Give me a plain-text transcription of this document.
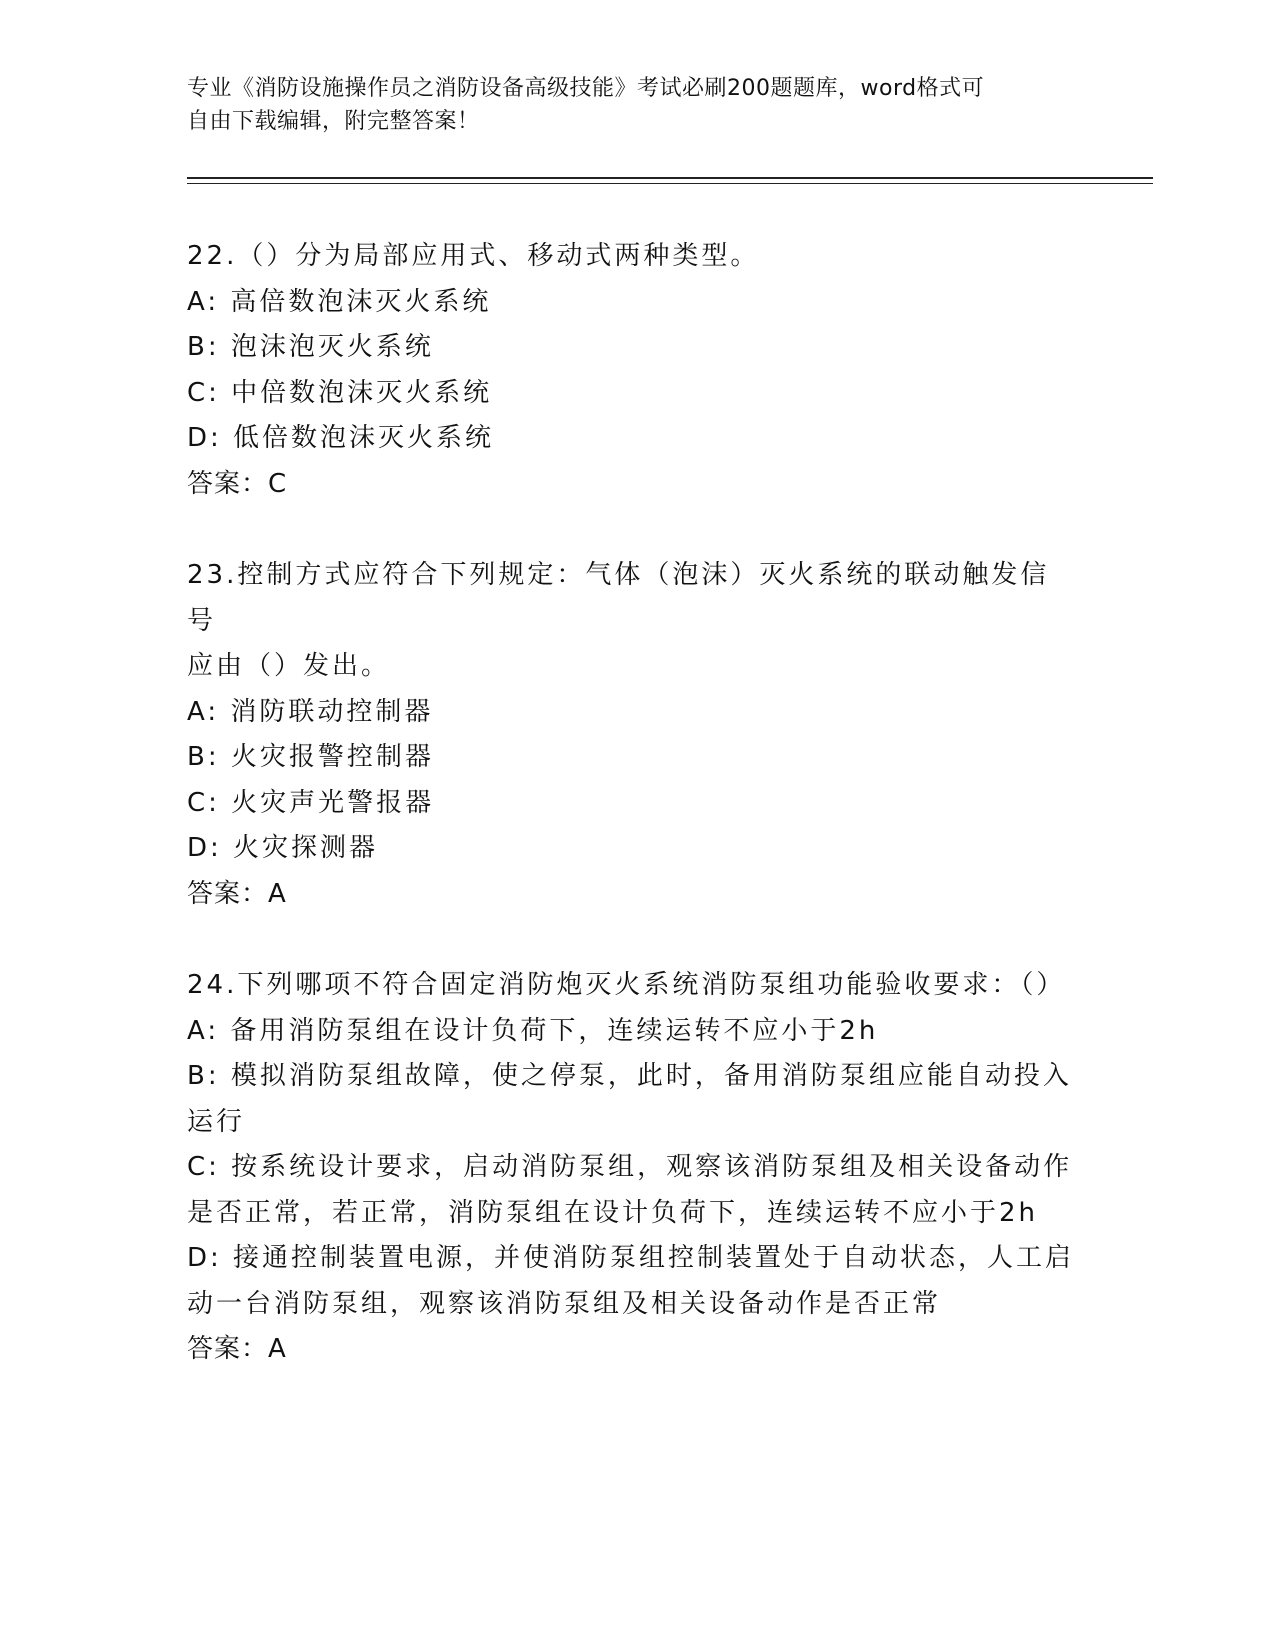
专业《消防设施操作员之消防设备高级技能》考试必刷200题题库，word格式可
自由下载编辑，附完整答案！

22.（）分为局部应用式、移动式两种类型。

A: 高倍数泡沫灭火系统

B: 泡沫泡灭火系统

C: 中倍数泡沫灭火系统

D: 低倍数泡沫灭火系统

答案：C

23.控制方式应符合下列规定：气体（泡沫）灭火系统的联动触发信号

应由（）发出。

A: 消防联动控制器

B: 火灾报警控制器

C: 火灾声光警报器

D: 火灾探测器

答案：A

24.下列哪项不符合固定消防炮灭火系统消防泵组功能验收要求：（）

A: 备用消防泵组在设计负荷下，连续运转不应小于2h

B: 模拟消防泵组故障，使之停泵，此时，备用消防泵组应能自动投入

运行

C: 按系统设计要求，启动消防泵组，观察该消防泵组及相关设备动作

是否正常，若正常，消防泵组在设计负荷下，连续运转不应小于2h

D: 接通控制装置电源，并使消防泵组控制装置处于自动状态，人工启

动一台消防泵组，观察该消防泵组及相关设备动作是否正常

答案：A
